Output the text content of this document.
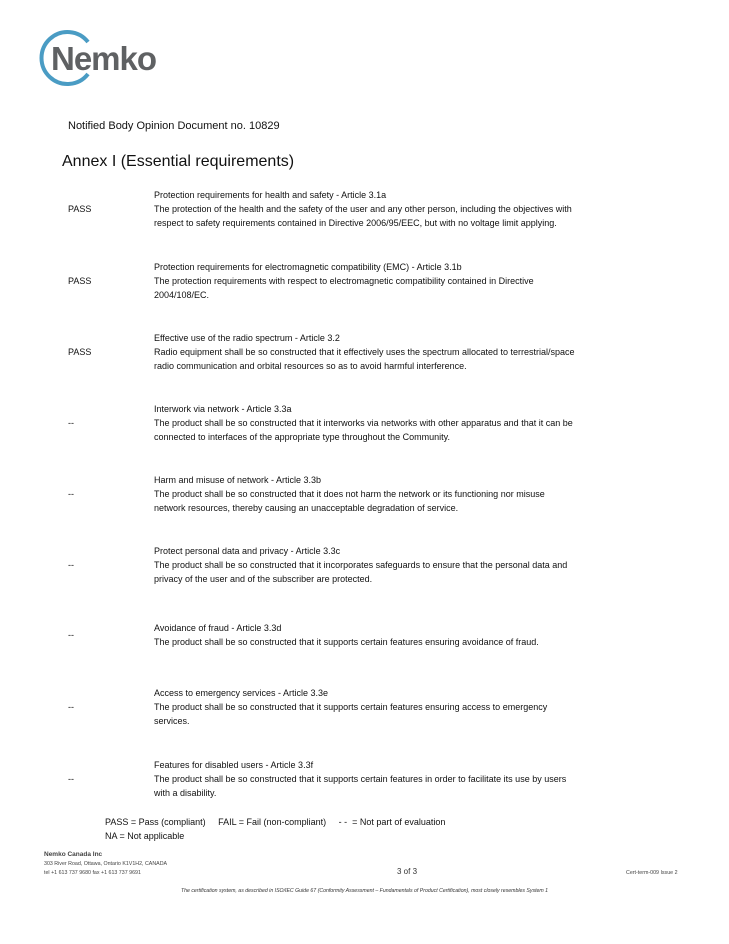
Nemko
Notified Body Opinion Document no. 10829
Annex I (Essential requirements)
PASS
Protection requirements for health and safety - Article 3.1a
The protection of the health and the safety of the user and any other person, including the objectives with
respect to safety requirements contained in Directive 2006/95/EEC, but with no voltage limit applying.
PASS
Protection requirements for electromagnetic compatibility (EMC) - Article 3.1b
The protection requirements with respect to electromagnetic compatibility contained in Directive
2004/108/EC.
PASS
Effective use of the radio spectrum - Article 3.2
Radio equipment shall be so constructed that it effectively uses the spectrum allocated to terrestrial/space
radio communication and orbital resources so as to avoid harmful interference.
--
Interwork via network - Article 3.3a
The product shall be so constructed that it interworks via networks with other apparatus and that it can be
connected to interfaces of the appropriate type throughout the Community.
--
Harm and misuse of network - Article 3.3b
The product shall be so constructed that it does not harm the network or its functioning nor misuse
network resources, thereby causing an unacceptable degradation of service.
--
Protect personal data and privacy - Article 3.3c
The product shall be so constructed that it incorporates safeguards to ensure that the personal data and
privacy of the user and of the subscriber are protected.
--
Avoidance of fraud - Article 3.3d
The product shall be so constructed that it supports certain features ensuring avoidance of fraud.
--
Access to emergency services - Article 3.3e
The product shall be so constructed that it supports certain features ensuring access to emergency
services.
--
Features for disabled users - Article 3.3f
The product shall be so constructed that it supports certain features in order to facilitate its use by users
with a disability.
PASS = Pass (compliant)     FAIL = Fail (non-compliant)     - -  = Not part of evaluation
NA = Not applicable
Nemko Canada Inc
303 River Road, Ottawa, Ontario K1V1H2, CANADA
tel +1 613 737 9680 fax +1 613 737 9691	3 of 3	Cert-term-009 Issue 2
The certification system, as described in ISO/IEC Guide 67 (Conformity Assessment – Fundamentals of Product Certification), most closely resembles System 1
